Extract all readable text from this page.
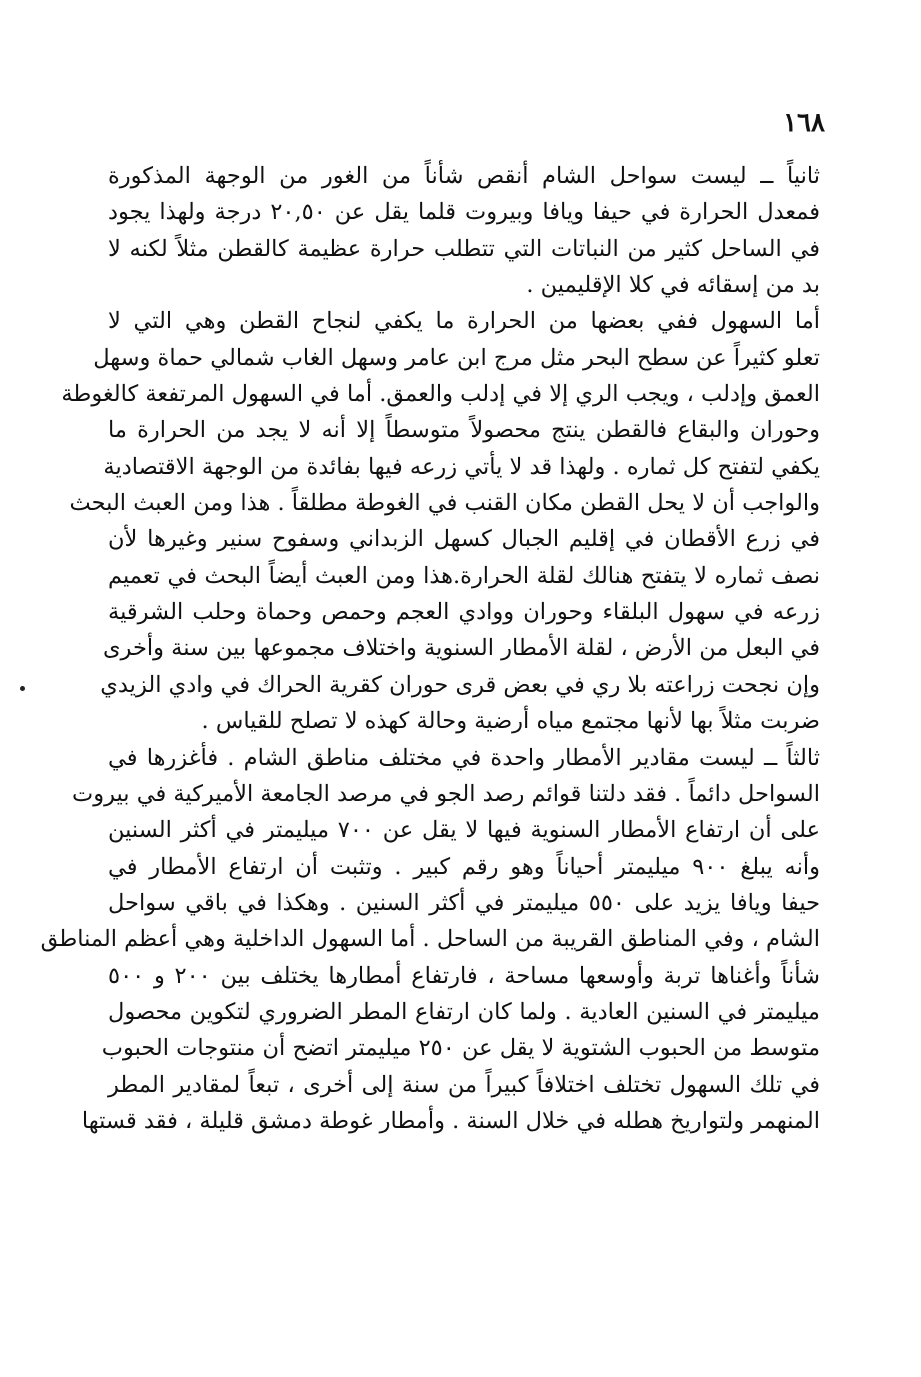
١٦٨

ثانياً ــ ليست سواحل الشام أنقص شأناً من الغور من الوجهة المذكورة
فمعدل الحرارة في حيفا ويافا وبيروت قلما يقل عن ٢٠,٥٠ درجة ولهذا يجود
في الساحل كثير من النباتات التي تتطلب حرارة عظيمة كالقطن مثلاً لكنه لا
بد من إسقائه في كلا الإقليمين .

أما السهول ففي بعضها من الحرارة ما يكفي لنجاح القطن وهي التي لا
تعلو كثيراً عن سطح البحر مثل مرج ابن عامر وسهل الغاب شمالي حماة وسهل
العمق وإدلب ، ويجب الري إلا في إدلب والعمق. أما في السهول المرتفعة كالغوطة
وحوران والبقاع فالقطن ينتج محصولاً متوسطاً إلا أنه لا يجد من الحرارة ما
يكفي لتفتح كل ثماره . ولهذا قد لا يأتي زرعه فيها بفائدة من الوجهة الاقتصادية
والواجب أن لا يحل القطن مكان القنب في الغوطة مطلقاً . هذا ومن العبث البحث
في زرع الأقطان في إقليم الجبال كسهل الزبداني وسفوح سنير وغيرها لأن
نصف ثماره لا يتفتح هنالك لقلة الحرارة.هذا ومن العبث أيضاً البحث في تعميم
زرعه في سهول البلقاء وحوران ووادي العجم وحمص وحماة وحلب الشرقية
في البعل من الأرض ، لقلة الأمطار السنوية واختلاف مجموعها بين سنة وأخرى
وإن نجحت زراعته بلا ري في بعض قرى حوران كقرية الحراك في وادي الزيدي
ضربت مثلاً بها لأنها مجتمع مياه أرضية وحالة كهذه لا تصلح للقياس .

ثالثاً ــ ليست مقادير الأمطار واحدة في مختلف مناطق الشام . فأغزرها في
السواحل دائماً . فقد دلتنا قوائم رصد الجو في مرصد الجامعة الأميركية في بيروت
على أن ارتفاع الأمطار السنوية فيها لا يقل عن ٧٠٠ ميليمتر في أكثر السنين
وأنه يبلغ ٩٠٠ ميليمتر أحياناً وهو رقم كبير . وتثبت أن ارتفاع الأمطار في
حيفا ويافا يزيد على ٥٥٠ ميليمتر في أكثر السنين . وهكذا في باقي سواحل
الشام ، وفي المناطق القريبة من الساحل . أما السهول الداخلية وهي أعظم المناطق
شأناً وأغناها تربة وأوسعها مساحة ، فارتفاع أمطارها يختلف بين ٢٠٠ و ٥٠٠
ميليمتر في السنين العادية . ولما كان ارتفاع المطر الضروري لتكوين محصول
متوسط من الحبوب الشتوية لا يقل عن ٢٥٠ ميليمتر اتضح أن منتوجات الحبوب
في تلك السهول تختلف اختلافاً كبيراً من سنة إلى أخرى ، تبعاً لمقادير المطر
المنهمر ولتواريخ هطله في خلال السنة . وأمطار غوطة دمشق قليلة ، فقد قستها
